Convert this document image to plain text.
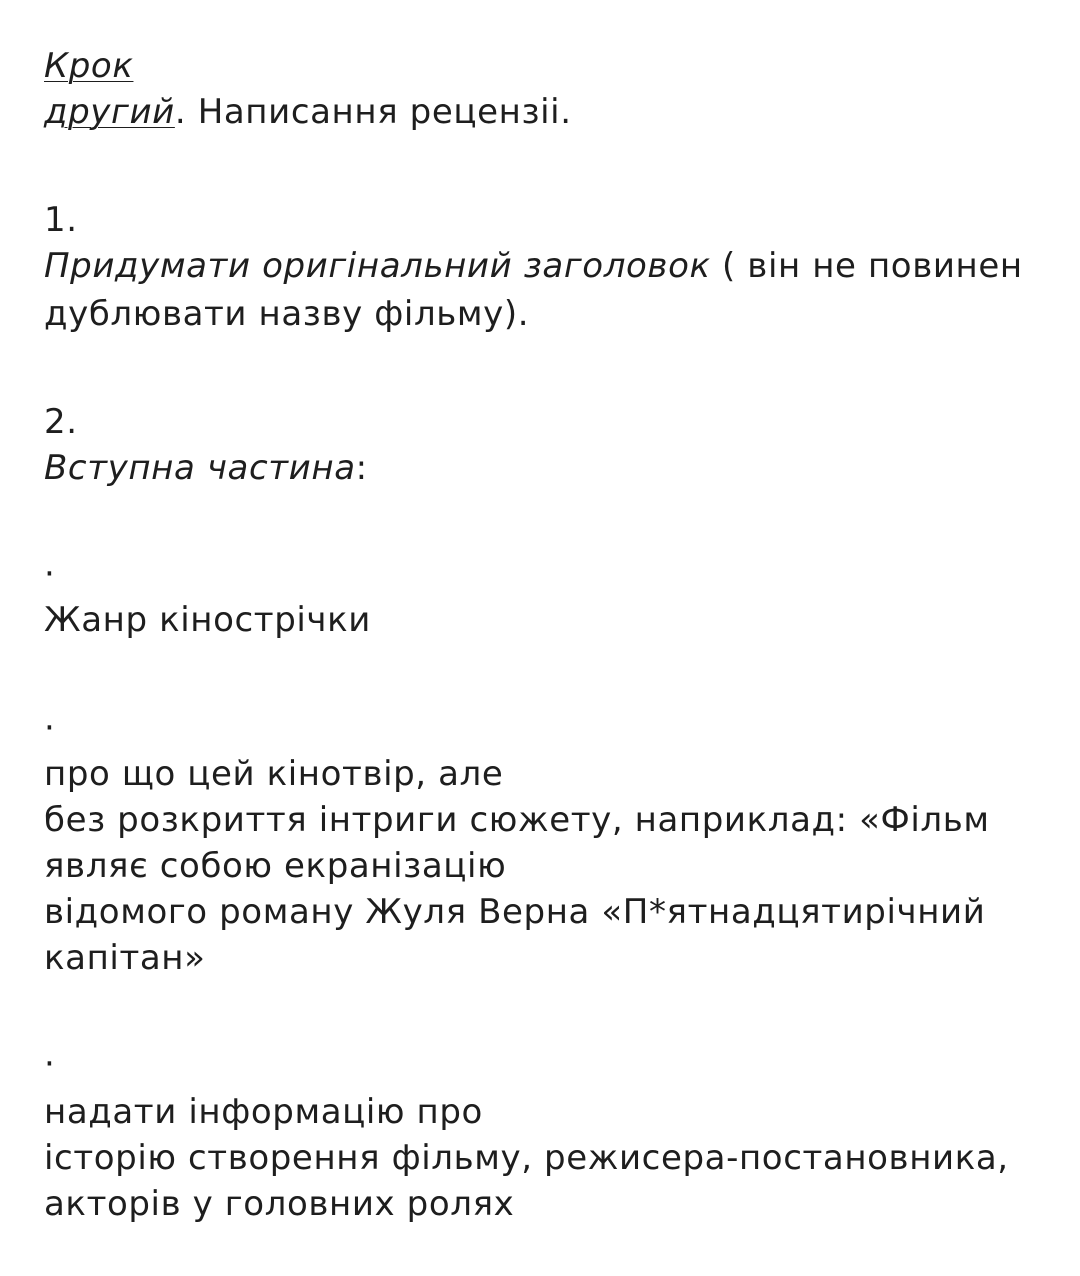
Крок
другий. Написання рецензіі.
1.
Придумати оригінальний заголовок ( він не повинен
дублювати назву фільму).
2.
Вступна частина:
·
Жанр кінострічки
·
про що цей кінотвір, але
без розкриття інтриги сюжету, наприклад: «Фільм
являє собою екранізацію
відомого роману Жуля Верна «П*ятнадцятирічний
капітан»
·
надати інформацію про
історію створення фільму, режисера-постановника,
акторів у головних ролях
